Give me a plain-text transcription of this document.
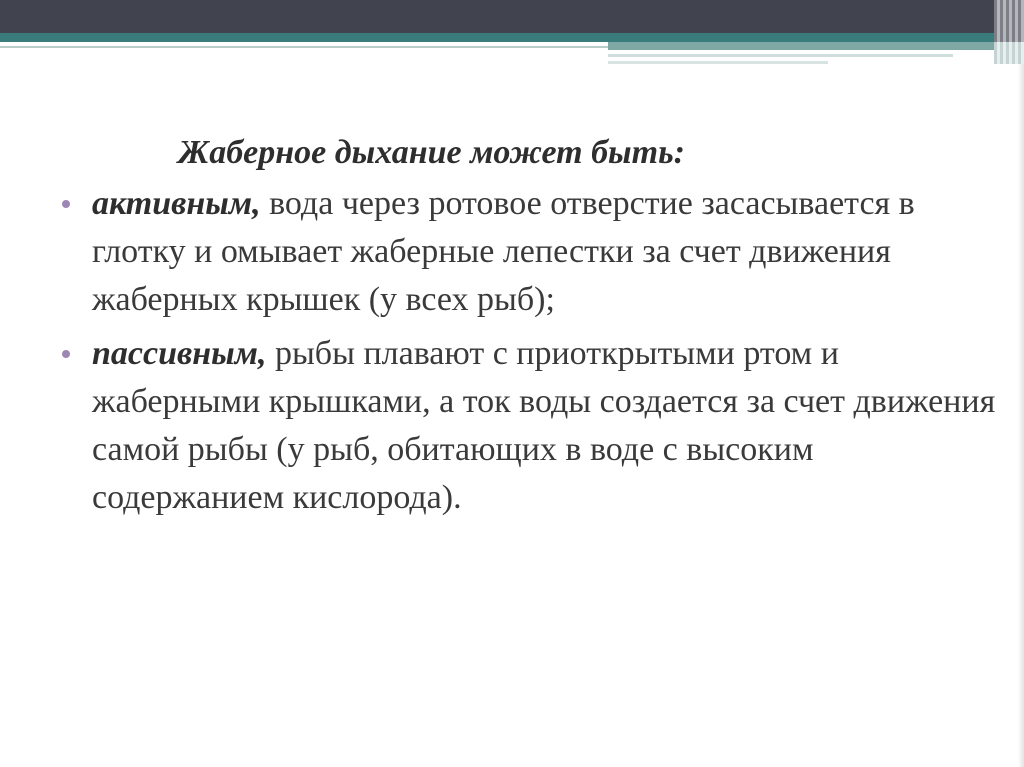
Жаберное дыхание может быть:
активным, вода через ротовое отверстие засасывается в глотку и омывает жаберные лепестки за счет движения жаберных крышек (у всех рыб);
пассивным, рыбы плавают с приоткрытыми ртом и жаберными крышками, а ток воды создается за счет движения самой рыбы (у рыб, обитающих в воде с высоким содержанием кислорода).
